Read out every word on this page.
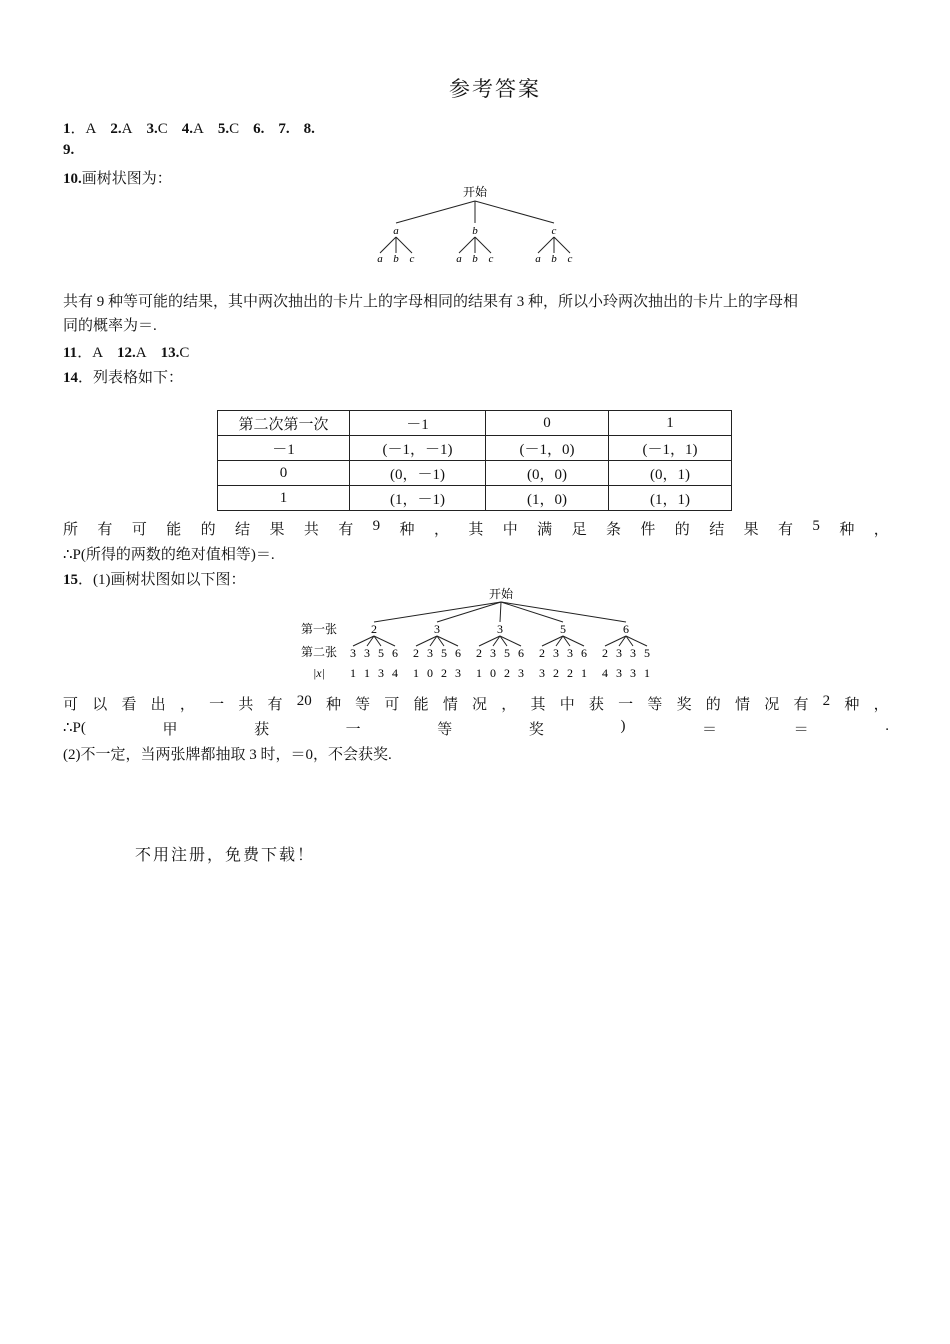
参考答案
1．A 2.A 3.C 4.A 5.C 6. 7. 8.
9.
10.画树状图为：
开始
a
a b c
b
a b c
c
a b c
共有 9 种等可能的结果，其中两次抽出的卡片上的字母相同的结果有 3 种，所以小玲两次抽出的卡片上的字母相
同的概率为＝.
11．A 12.A 13.C
14．列表格如下：
第二次第一次	－1	0	1
－1	(－1，－1)	(－1，0)	(－1，1)
0	(0，－1)	(0，0)	(0，1)
1	(1，－1)	(1，0)	(1，1)
所 有 可 能 的 结 果 共 有 9 种 ， 其 中 满 足 条 件 的 结 果 有 5 种 ，
∴P(所得的两数的绝对值相等)＝.
15．(1)画树状图如以下图：
开始
第一张
第二张
|x|
2
3
1
3
1
5
3
6
4
3
2
1
3
0
5
2
6
3
3
2
1
3
0
5
2
6
3
5
2
3
3
2
3
2
6
1
6
2
4
3
3
3
3
5
1
可 以 看 出 ， 一 共 有 20 种 等 可 能 情 况 ， 其 中 获 一 等 奖 的 情 况 有 2 种 ，
∴P(	甲	获	一	等	奖	)	＝	＝	.
(2)不一定，当两张牌都抽取 3 时，＝0，不会获奖.
不用注册，免费下载！
